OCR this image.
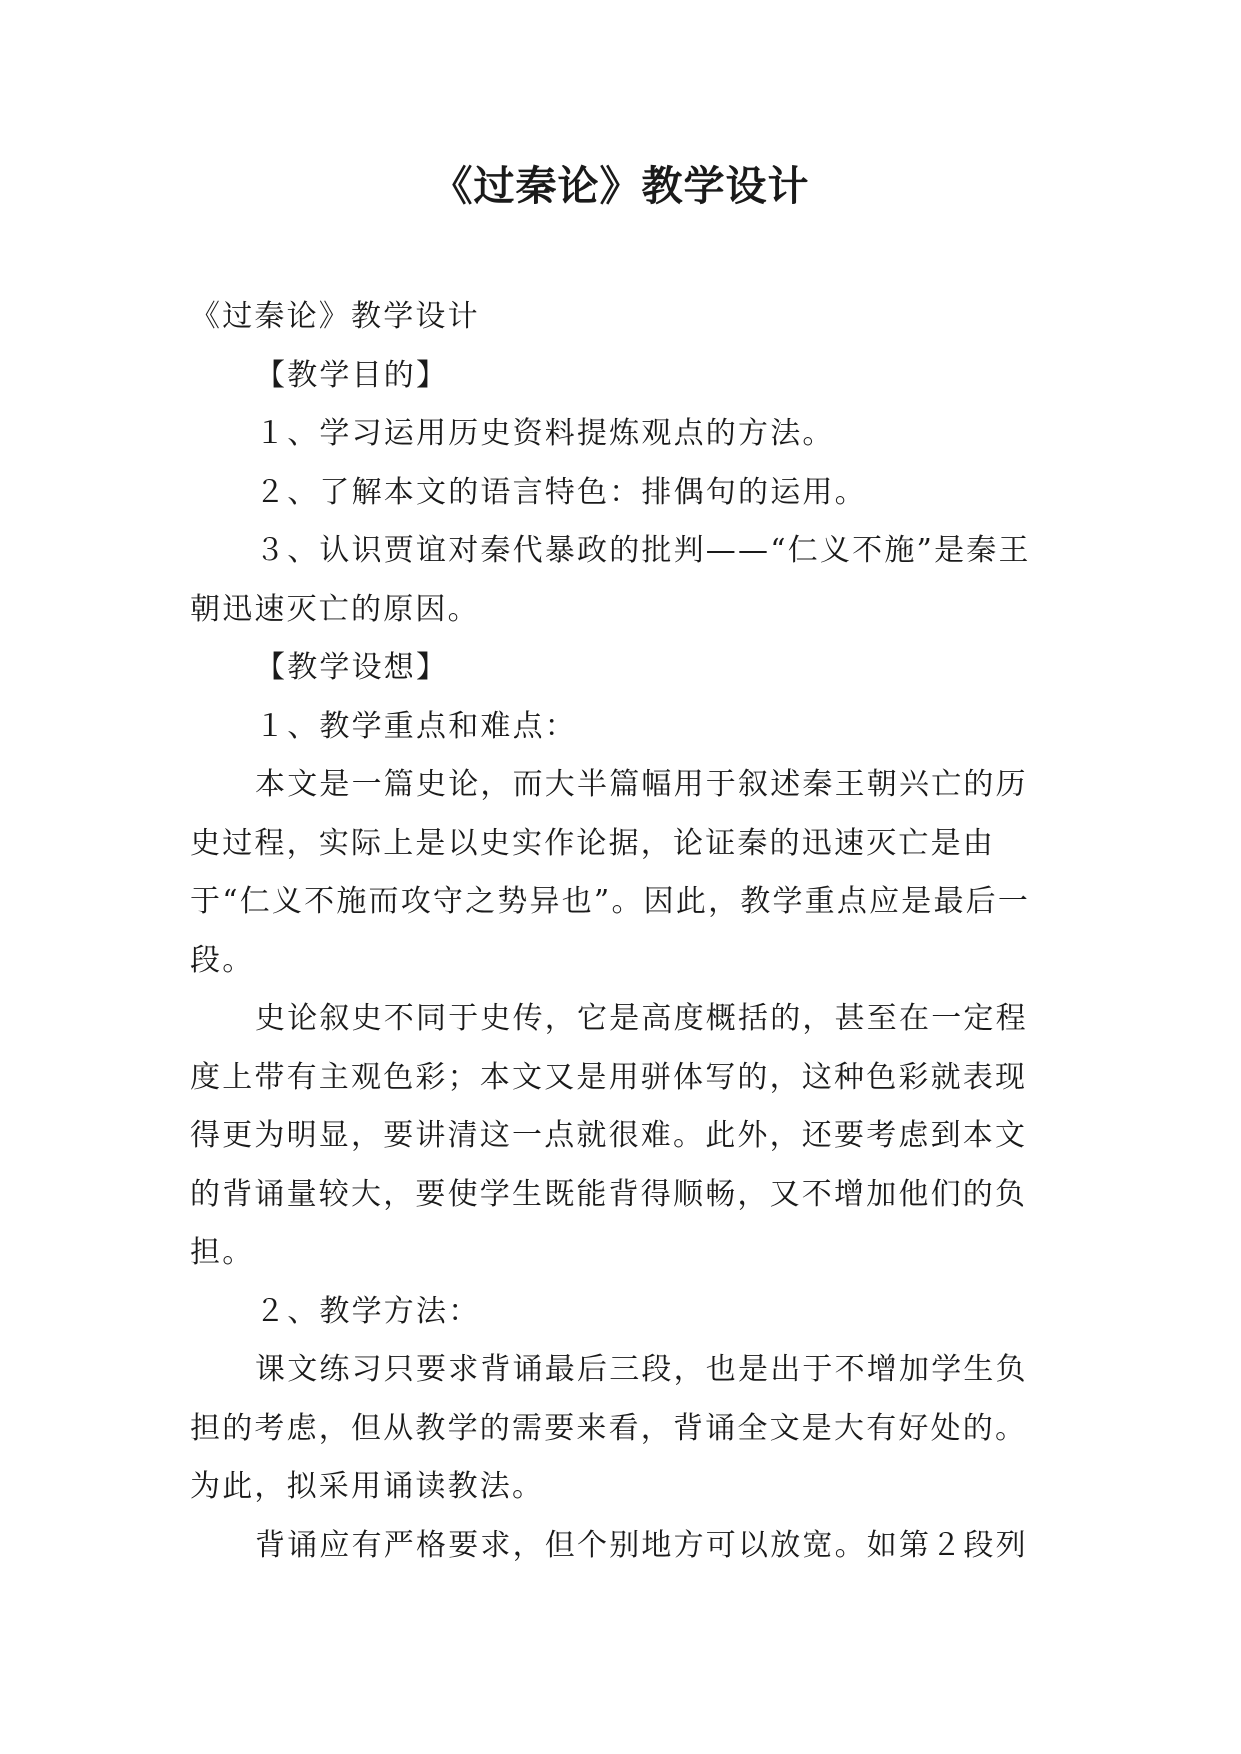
《过秦论》教学设计

《过秦论》教学设计

【教学目的】

１、学习运用历史资料提炼观点的方法。

２、了解本文的语言特色：排偶句的运用。

３、认识贾谊对秦代暴政的批判——“仁义不施”是秦王朝迅速灭亡的原因。

【教学设想】

１、教学重点和难点：

本文是一篇史论，而大半篇幅用于叙述秦王朝兴亡的历史过程，实际上是以史实作论据，论证秦的迅速灭亡是由于“仁义不施而攻守之势异也”。因此，教学重点应是最后一段。

史论叙史不同于史传，它是高度概括的，甚至在一定程度上带有主观色彩；本文又是用骈体写的，这种色彩就表现得更为明显，要讲清这一点就很难。此外，还要考虑到本文的背诵量较大，要使学生既能背得顺畅，又不增加他们的负担。

２、教学方法：

课文练习只要求背诵最后三段，也是出于不增加学生负担的考虑，但从教学的需要来看，背诵全文是大有好处的。为此，拟采用诵读教法。

背诵应有严格要求，但个别地方可以放宽。如第２段列
